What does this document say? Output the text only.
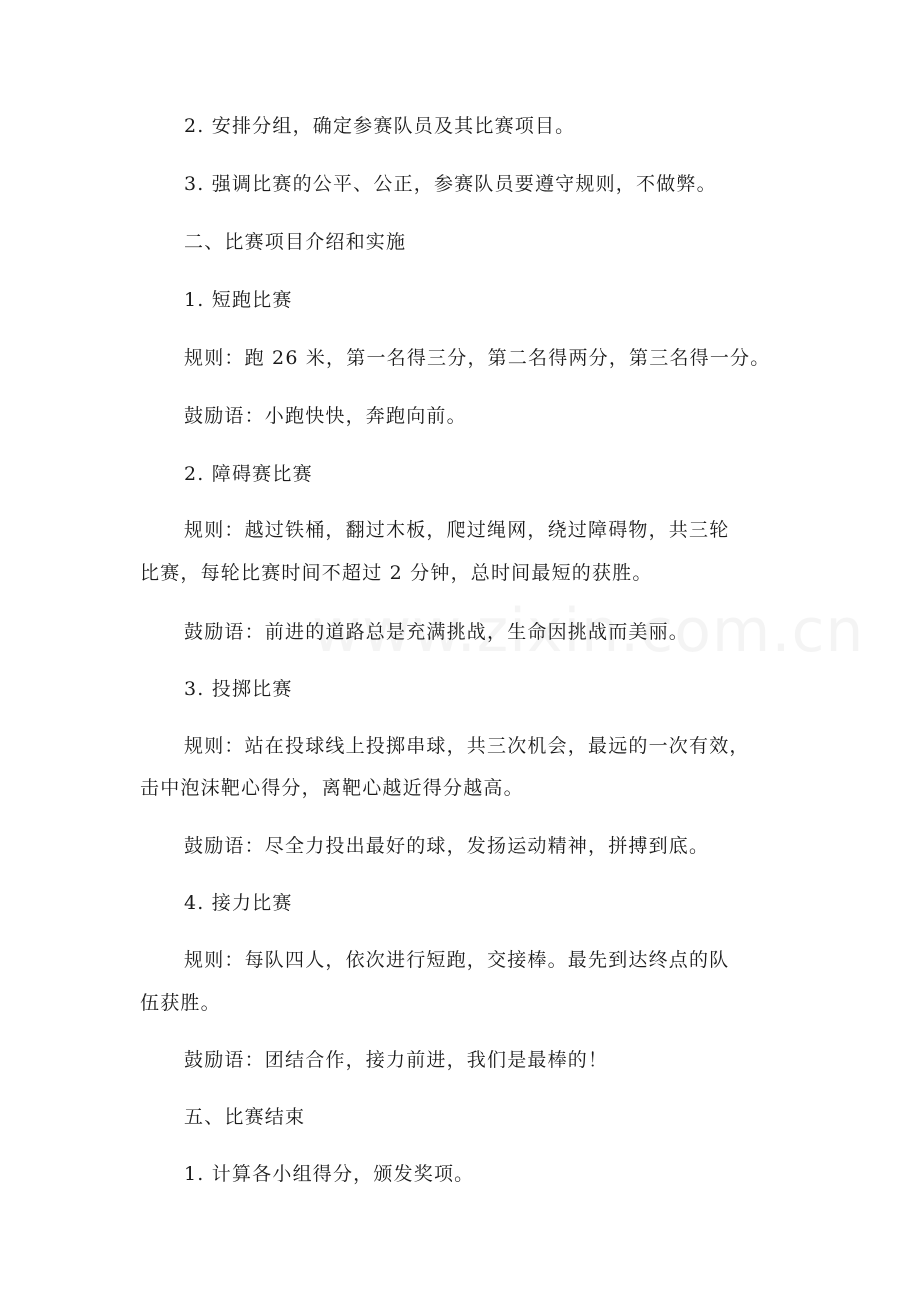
2. 安排分组，确定参赛队员及其比赛项目。
3. 强调比赛的公平、公正，参赛队员要遵守规则，不做弊。
二、比赛项目介绍和实施
1. 短跑比赛
规则：跑 26 米，第一名得三分，第二名得两分，第三名得一分。
鼓励语：小跑快快，奔跑向前。
2. 障碍赛比赛
规则：越过铁桶，翻过木板，爬过绳网，绕过障碍物，共三轮
比赛，每轮比赛时间不超过 2 分钟，总时间最短的获胜。
鼓励语：前进的道路总是充满挑战，生命因挑战而美丽。
3. 投掷比赛
规则：站在投球线上投掷串球，共三次机会，最远的一次有效，
击中泡沫靶心得分，离靶心越近得分越高。
鼓励语：尽全力投出最好的球，发扬运动精神，拼搏到底。
4. 接力比赛
规则：每队四人，依次进行短跑，交接棒。最先到达终点的队
伍获胜。
鼓励语：团结合作，接力前进，我们是最棒的！
五、比赛结束
1. 计算各小组得分，颁发奖项。
